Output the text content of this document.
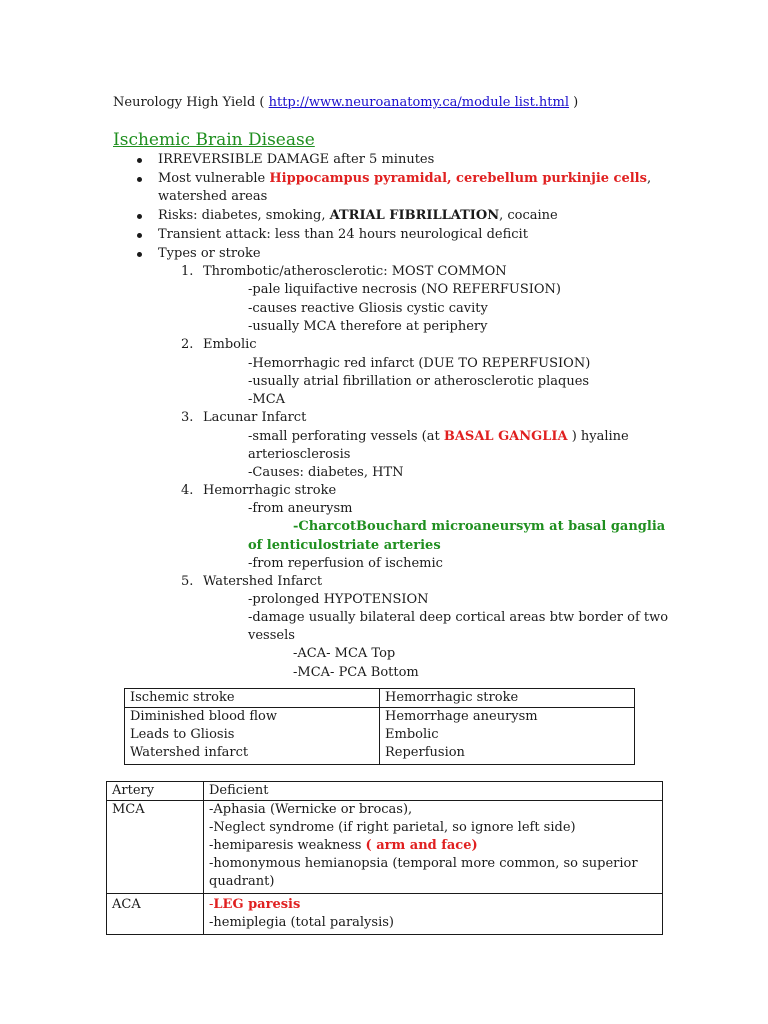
Neurology High Yield ( http://www.neuroanatomy.ca/module list.html )
Ischemic Brain Disease
IRREVERSIBLE DAMAGE after 5 minutes
Most vulnerable Hippocampus pyramidal, cerebellum purkinjie cells,
watershed areas
Risks: diabetes, smoking, ATRIAL FIBRILLATION, cocaine
Transient attack: less than 24 hours neurological deficit
Types or stroke
1. Thrombotic/atherosclerotic: MOST COMMON
-pale liquifactive necrosis (NO REFERFUSION)
-causes reactive Gliosis cystic cavity
-usually MCA therefore at periphery
2. Embolic
-Hemorrhagic red infarct (DUE TO REPERFUSION)
-usually atrial fibrillation or atherosclerotic plaques
-MCA
3. Lacunar Infarct
-small perforating vessels (at BASAL GANGLIA ) hyaline
arteriosclerosis
-Causes: diabetes, HTN
4. Hemorrhagic stroke
-from aneurysm
-CharcotBouchard microaneursym at basal ganglia
of lenticulostriate arteries
-from reperfusion of ischemic
5. Watershed Infarct
-prolonged HYPOTENSION
-damage usually bilateral deep cortical areas btw border of two
vessels
-ACA- MCA Top
-MCA- PCA Bottom
Ischemic stroke	Hemorrhagic stroke
Diminished blood flow	Hemorrhage aneurysm
Leads to Gliosis	Embolic
Watershed infarct	Reperfusion
Artery	Deficient
MCA	-Aphasia (Wernicke or brocas),
-Neglect syndrome (if right parietal, so ignore left side)
-hemiparesis weakness ( arm and face)
-homonymous hemianopsia (temporal more common, so superior
quadrant)

ACA	-LEG paresis
-hemiplegia (total paralysis)
